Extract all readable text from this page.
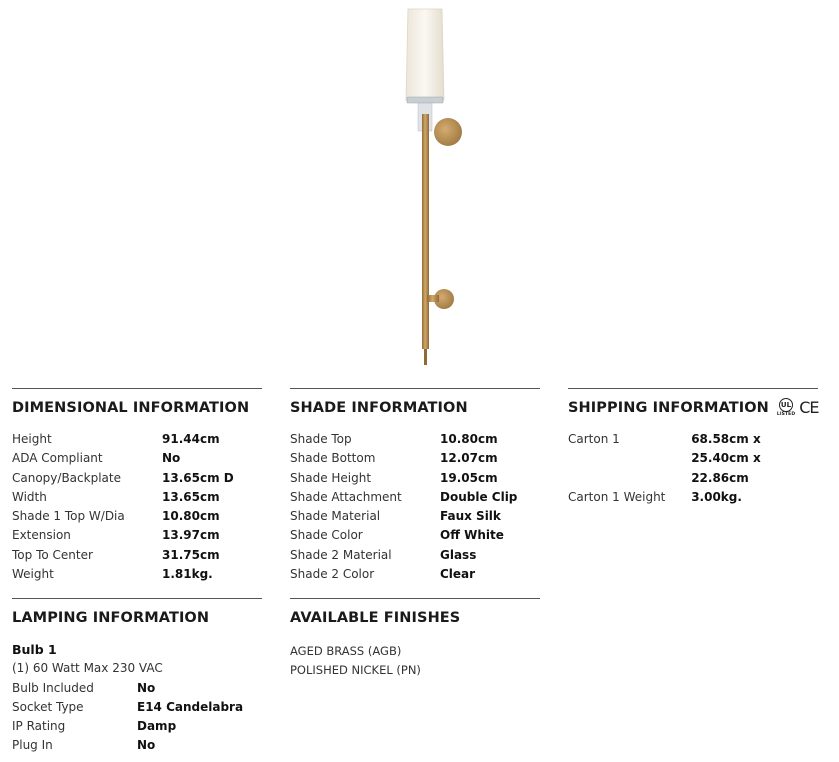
DIMENSIONAL INFORMATION
Height	91.44cm
ADA Compliant	No
Canopy/Backplate	13.65cm D
Width	13.65cm
Shade 1 Top W/Dia	10.80cm
Extension	13.97cm
Top To Center	31.75cm
Weight	1.81kg.
SHADE INFORMATION
Shade Top	10.80cm
Shade Bottom	12.07cm
Shade Height	19.05cm
Shade Attachment	Double Clip
Shade Material	Faux Silk
Shade Color	Off White
Shade 2 Material	Glass
Shade 2 Color	Clear
SHIPPING INFORMATION UL
LISTED CE
Carton 1	68.58cm x 25.40cm x 22.86cm
Carton 1 Weight	3.00kg.
LAMPING INFORMATION
Bulb 1
(1) 60 Watt Max 230 VAC
Bulb Included	No
Socket Type	E14 Candelabra
IP Rating	Damp
Plug In	No
AVAILABLE FINISHES
AGED BRASS (AGB)
POLISHED NICKEL (PN)
